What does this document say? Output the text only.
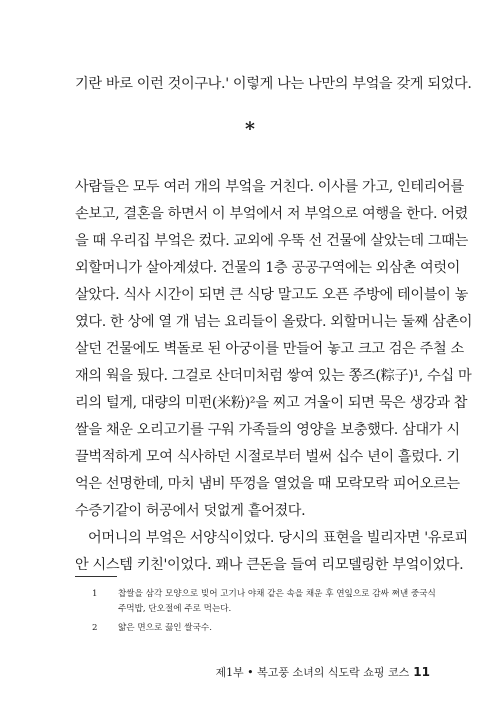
기란 바로 이런 것이구나.' 이렇게 나는 나만의 부엌을 갖게 되었다.
*
사람들은 모두 여러 개의 부엌을 거친다. 이사를 가고, 인테리어를
손보고, 결혼을 하면서 이 부엌에서 저 부엌으로 여행을 한다. 어렸
을 때 우리집 부엌은 컸다. 교외에 우뚝 선 건물에 살았는데 그때는
외할머니가 살아계셨다. 건물의 1층 공공구역에는 외삼촌 여럿이
살았다. 식사 시간이 되면 큰 식당 말고도 오픈 주방에 테이블이 놓
였다. 한 상에 열 개 넘는 요리들이 올랐다. 외할머니는 둘째 삼촌이
살던 건물에도 벽돌로 된 아궁이를 만들어 놓고 크고 검은 주철 소
재의 웍을 뒀다. 그걸로 산더미처럼 쌓여 있는 쫑즈(粽子)¹, 수십 마
리의 털게, 대량의 미펀(米粉)²을 찌고 겨울이 되면 묵은 생강과 찹
쌀을 채운 오리고기를 구워 가족들의 영양을 보충했다. 삼대가 시
끌벅적하게 모여 식사하던 시절로부터 벌써 십수 년이 흘렀다. 기
억은 선명한데, 마치 냄비 뚜껑을 열었을 때 모락모락 피어오르는
수증기같이 허공에서 덧없게 흩어졌다.
어머니의 부엌은 서양식이었다. 당시의 표현을 빌리자면 '유로피
안 시스템 키친'이었다. 꽤나 큰돈을 들여 리모델링한 부엌이었다.
1 찹쌀을 삼각 모양으로 빚어 고기나 야채 같은 속을 채운 후 연잎으로 감싸 쪄낸 중국식
주먹밥, 단오절에 주로 먹는다.
2 얇은 면으로 끓인 쌀국수.
제1부 • 복고풍 소녀의 식도락 쇼핑 코스 11
